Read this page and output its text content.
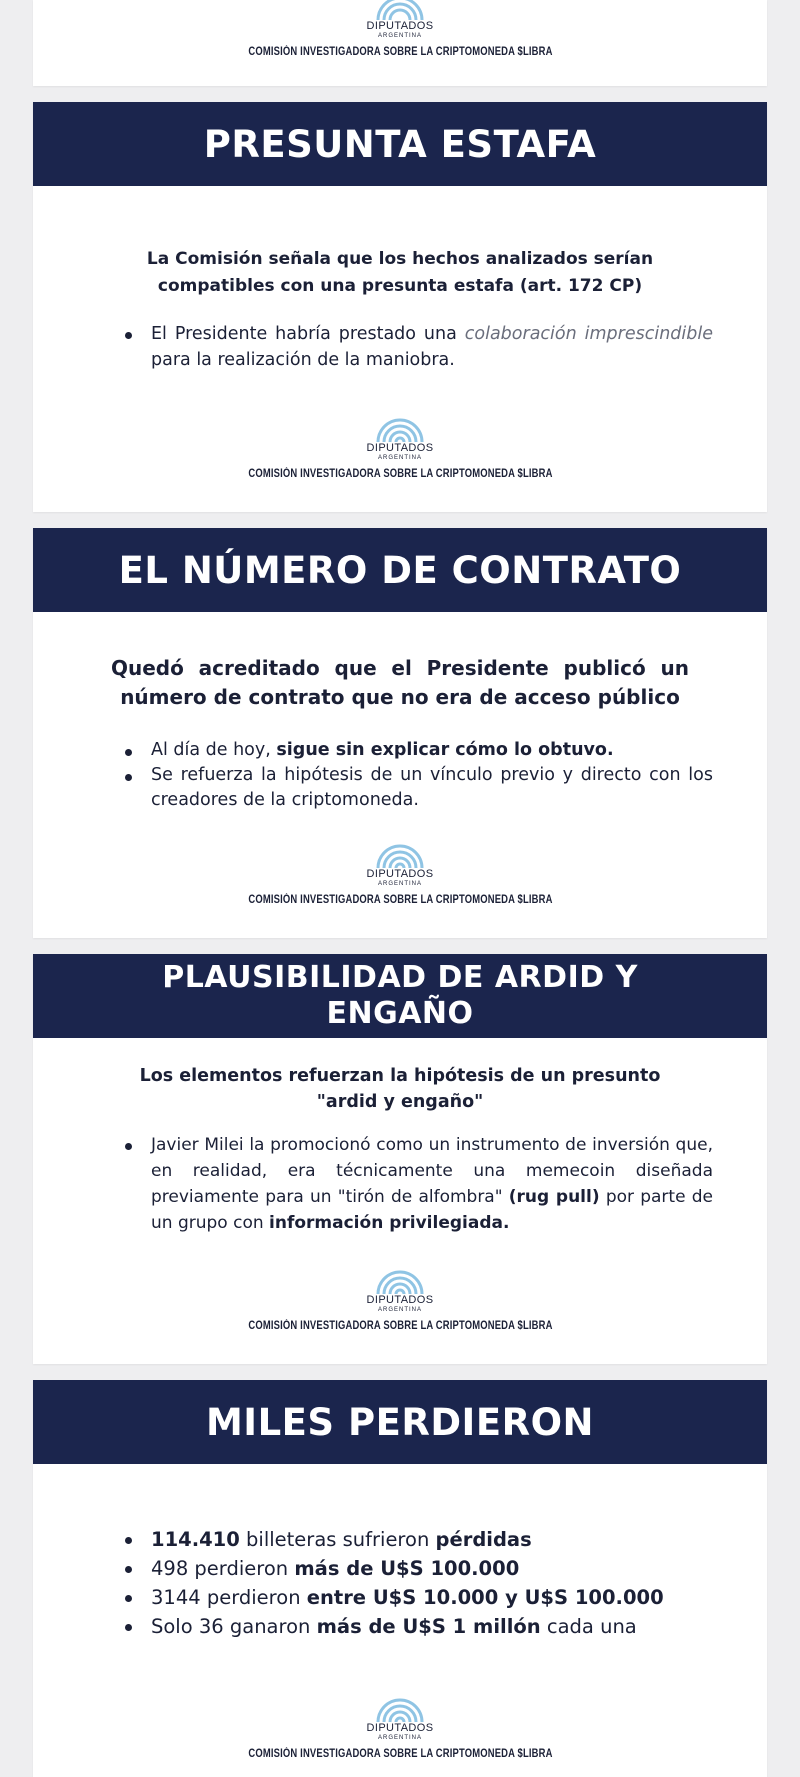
DIPUTADOS
ARGENTINA
COMISIÓN INVESTIGADORA SOBRE LA CRIPTOMONEDA $LIBRA
PRESUNTA ESTAFA

La Comisión señala que los hechos analizados serían compatibles con una presunta estafa (art. 172 CP)

El Presidente habría prestado una colaboración imprescindible para la realización de la maniobra.
DIPUTADOS
ARGENTINA
COMISIÓN INVESTIGADORA SOBRE LA CRIPTOMONEDA $LIBRA
EL NÚMERO DE CONTRATO

Quedó acreditado que el Presidente publicó un número de contrato que no era de acceso público

Al día de hoy, sigue sin explicar cómo lo obtuvo.
Se refuerza la hipótesis de un vínculo previo y directo con los creadores de la criptomoneda.
DIPUTADOS
ARGENTINA
COMISIÓN INVESTIGADORA SOBRE LA CRIPTOMONEDA $LIBRA
PLAUSIBILIDAD DE ARDID Y
ENGAÑO

Los elementos refuerzan la hipótesis de un presunto "ardid y engaño"

Javier Milei la promocionó como un instrumento de inversión que, en realidad, era técnicamente una memecoin diseñada previamente para un "tirón de alfombra" (rug pull) por parte de un grupo con información privilegiada.
DIPUTADOS
ARGENTINA
COMISIÓN INVESTIGADORA SOBRE LA CRIPTOMONEDA $LIBRA
MILES PERDIERON
114.410 billeteras sufrieron pérdidas
498 perdieron más de U$S 100.000
3144 perdieron entre U$S 10.000 y U$S 100.000
Solo 36 ganaron más de U$S 1 millón cada una
DIPUTADOS
ARGENTINA
COMISIÓN INVESTIGADORA SOBRE LA CRIPTOMONEDA $LIBRA
